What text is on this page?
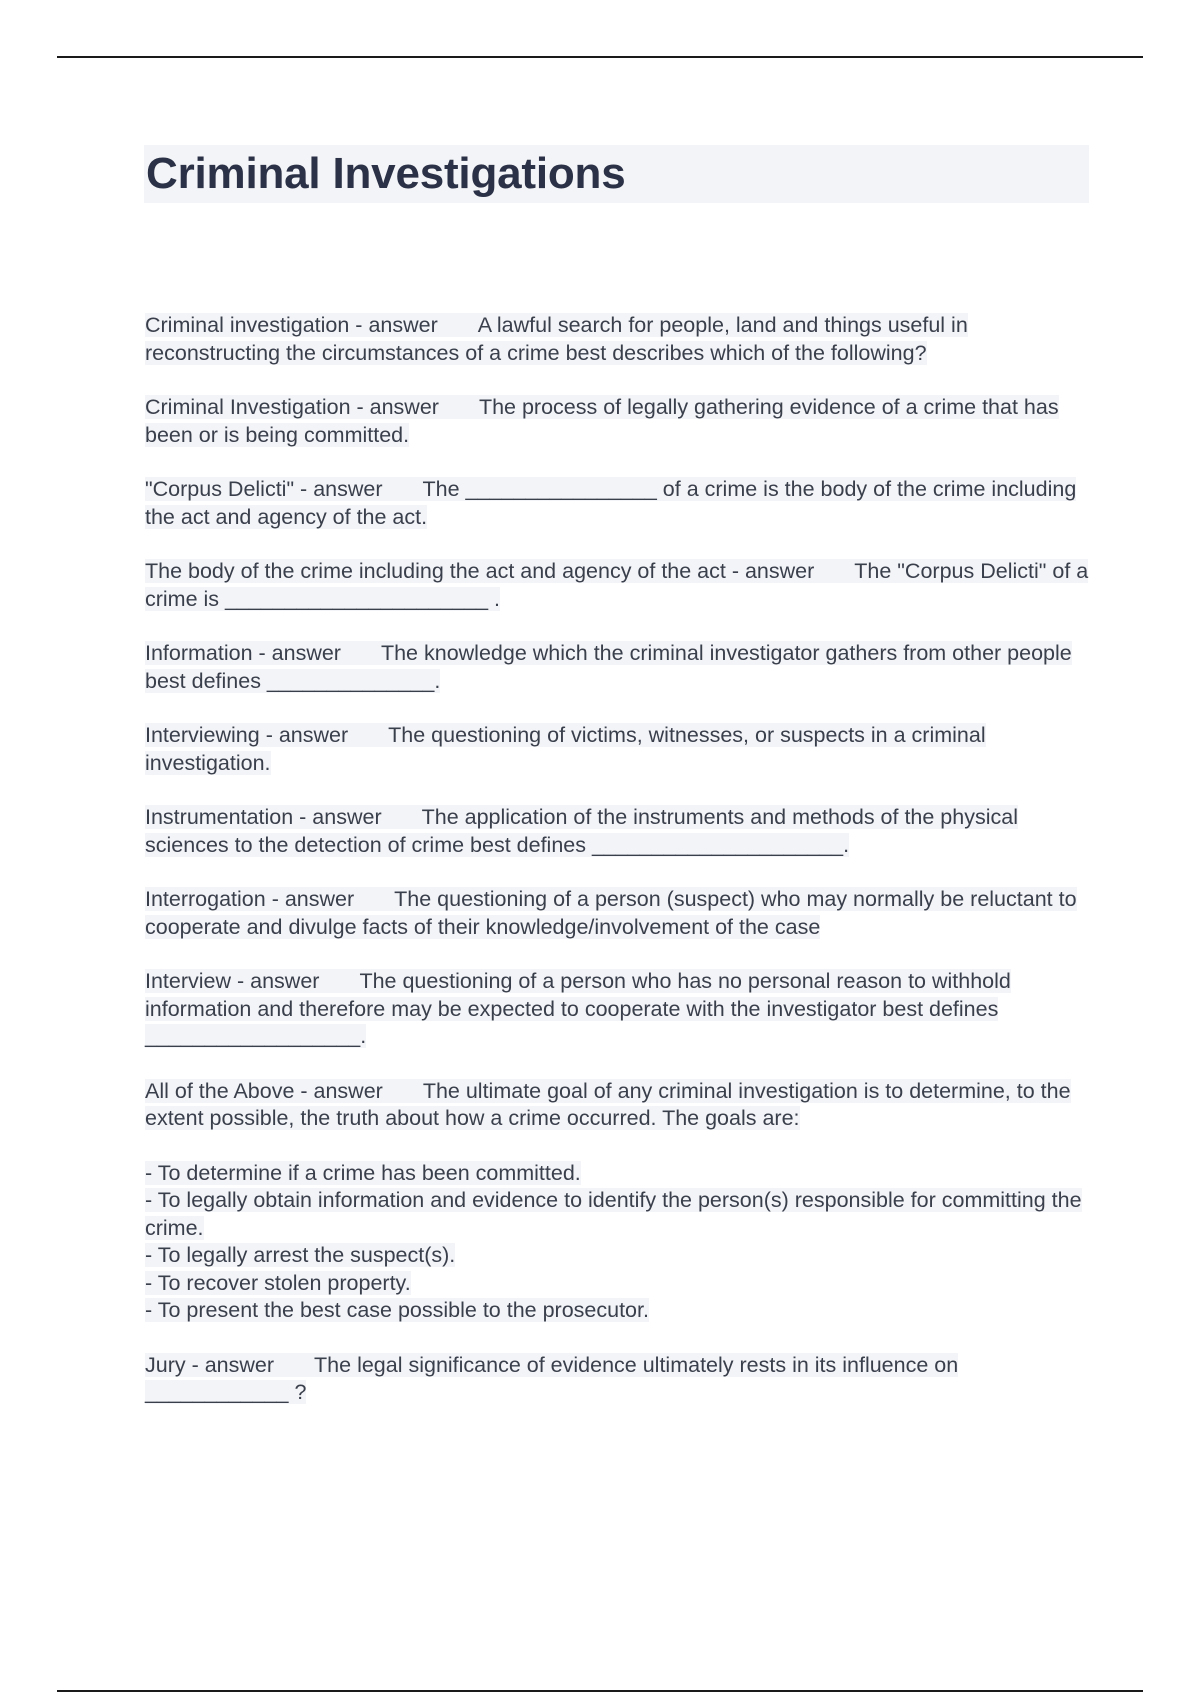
Criminal Investigations

Criminal investigation - answer A lawful search for people, land and things useful in reconstructing the circumstances of a crime best describes which of the following?

Criminal Investigation - answer The process of legally gathering evidence of a crime that has been or is being committed.

"Corpus Delicti" - answer The ________________ of a crime is the body of the crime including the act and agency of the act.

The body of the crime including the act and agency of the act - answer The "Corpus Delicti" of a crime is ______________________ .

Information - answer The knowledge which the criminal investigator gathers from other people best defines ______________.

Interviewing - answer The questioning of victims, witnesses, or suspects in a criminal investigation.

Instrumentation - answer The application of the instruments and methods of the physical sciences to the detection of crime best defines _____________________.

Interrogation - answer The questioning of a person (suspect) who may normally be reluctant to cooperate and divulge facts of their knowledge/involvement of the case

Interview - answer The questioning of a person who has no personal reason to withhold information and therefore may be expected to cooperate with the investigator best defines __________________.

All of the Above - answer The ultimate goal of any criminal investigation is to determine, to the extent possible, the truth about how a crime occurred. The goals are:

- To determine if a crime has been committed.
- To legally obtain information and evidence to identify the person(s) responsible for committing the crime.
- To legally arrest the suspect(s).
- To recover stolen property.
- To present the best case possible to the prosecutor.

Jury - answer The legal significance of evidence ultimately rests in its influence on ____________ ?
